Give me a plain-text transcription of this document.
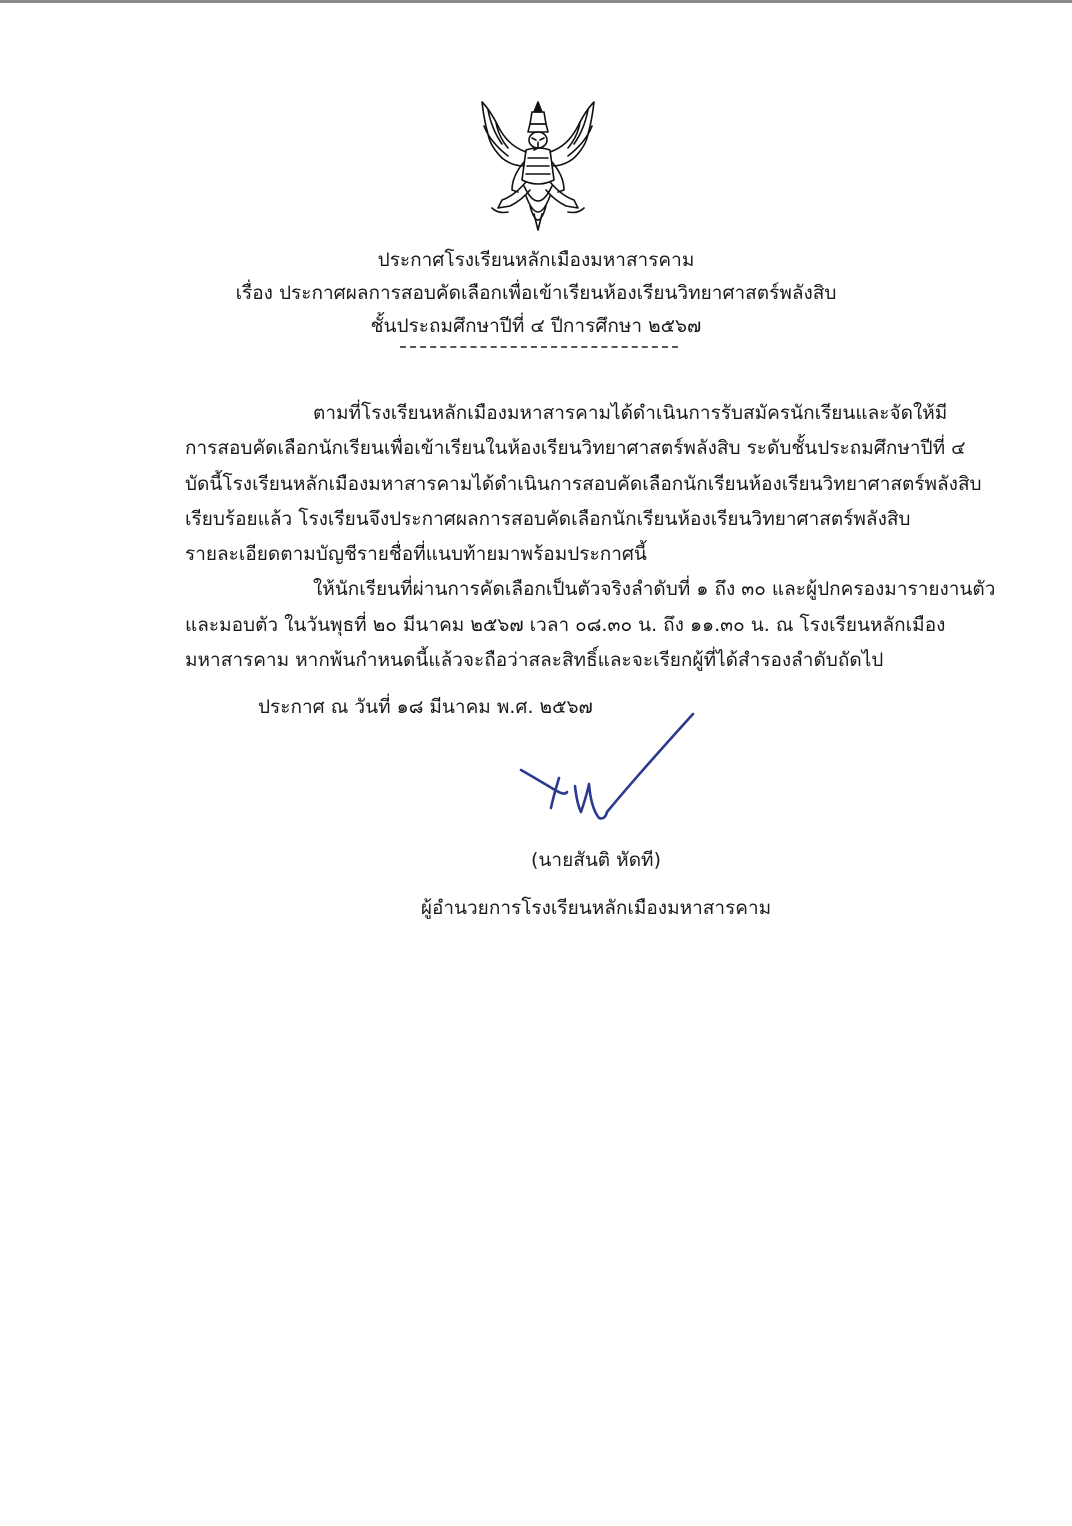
ประกาศโรงเรียนหลักเมืองมหาสารคาม
เรื่อง ประกาศผลการสอบคัดเลือกเพื่อเข้าเรียนห้องเรียนวิทยาศาสตร์พลังสิบ
ชั้นประถมศึกษาปีที่ ๔ ปีการศึกษา ๒๕๖๗
ตามที่โรงเรียนหลักเมืองมหาสารคามได้ดำเนินการรับสมัครนักเรียนและจัดให้มี
การสอบคัดเลือกนักเรียนเพื่อเข้าเรียนในห้องเรียนวิทยาศาสตร์พลังสิบ ระดับชั้นประถมศึกษาปีที่ ๔
บัดนี้โรงเรียนหลักเมืองมหาสารคามได้ดำเนินการสอบคัดเลือกนักเรียนห้องเรียนวิทยาศาสตร์พลังสิบ
เรียบร้อยแล้ว โรงเรียนจึงประกาศผลการสอบคัดเลือกนักเรียนห้องเรียนวิทยาศาสตร์พลังสิบ
รายละเอียดตามบัญชีรายชื่อที่แนบท้ายมาพร้อมประกาศนี้
ให้นักเรียนที่ผ่านการคัดเลือกเป็นตัวจริงลำดับที่ ๑ ถึง ๓๐ และผู้ปกครองมารายงานตัว
และมอบตัว ในวันพุธที่ ๒๐ มีนาคม ๒๕๖๗ เวลา ๐๘.๓๐ น. ถึง ๑๑.๓๐ น. ณ โรงเรียนหลักเมือง
มหาสารคาม หากพ้นกำหนดนี้แล้วจะถือว่าสละสิทธิ์และจะเรียกผู้ที่ได้สำรองลำดับถัดไป
ประกาศ ณ วันที่ ๑๘ มีนาคม พ.ศ. ๒๕๖๗
(นายสันติ หัดที)
ผู้อำนวยการโรงเรียนหลักเมืองมหาสารคาม
